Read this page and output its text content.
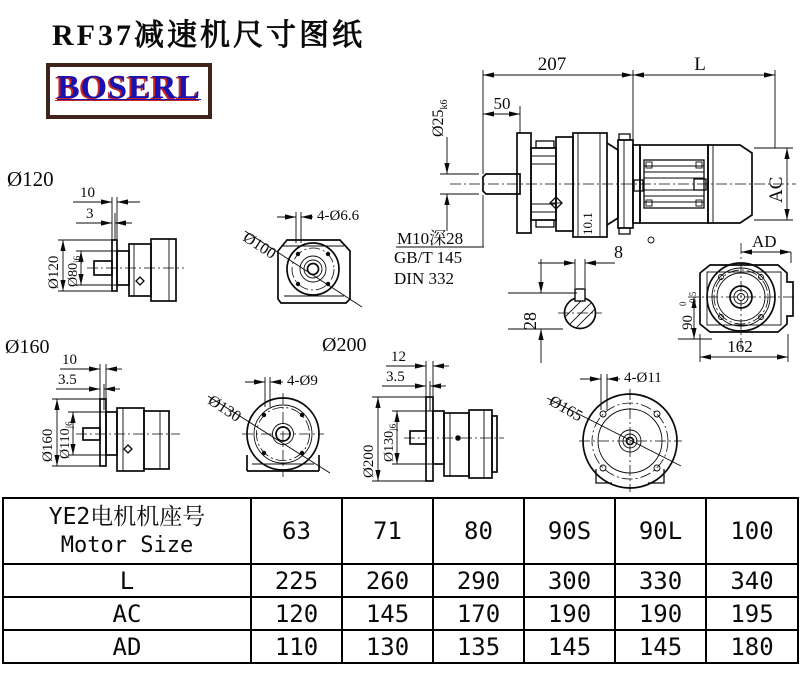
RF37减速机尺寸图纸
BOSERL
207	L
50
$Ø25_{k6}$
10.1
AC
M10深28
GB/T 145
DIN 332
8
28
AD
90
0 -0.5
162
Ø120
10
3
Ø120 $Ø80_{j6}$	Ø100
4-Ø6.6
Ø160
10
3.5
Ø160 $Ø110_{j6}$
Ø200
4-Ø9
Ø130
12
3.5
Ø200 $Ø130_{j6}$
Ø165
4-Ø11
YE2电机机座号
Motor Size	63	71	80	90S	90L	100
L	225	260	290	300	330	340
AC	120	145	170	190	190	195
AD	110	130	135	145	145	180
